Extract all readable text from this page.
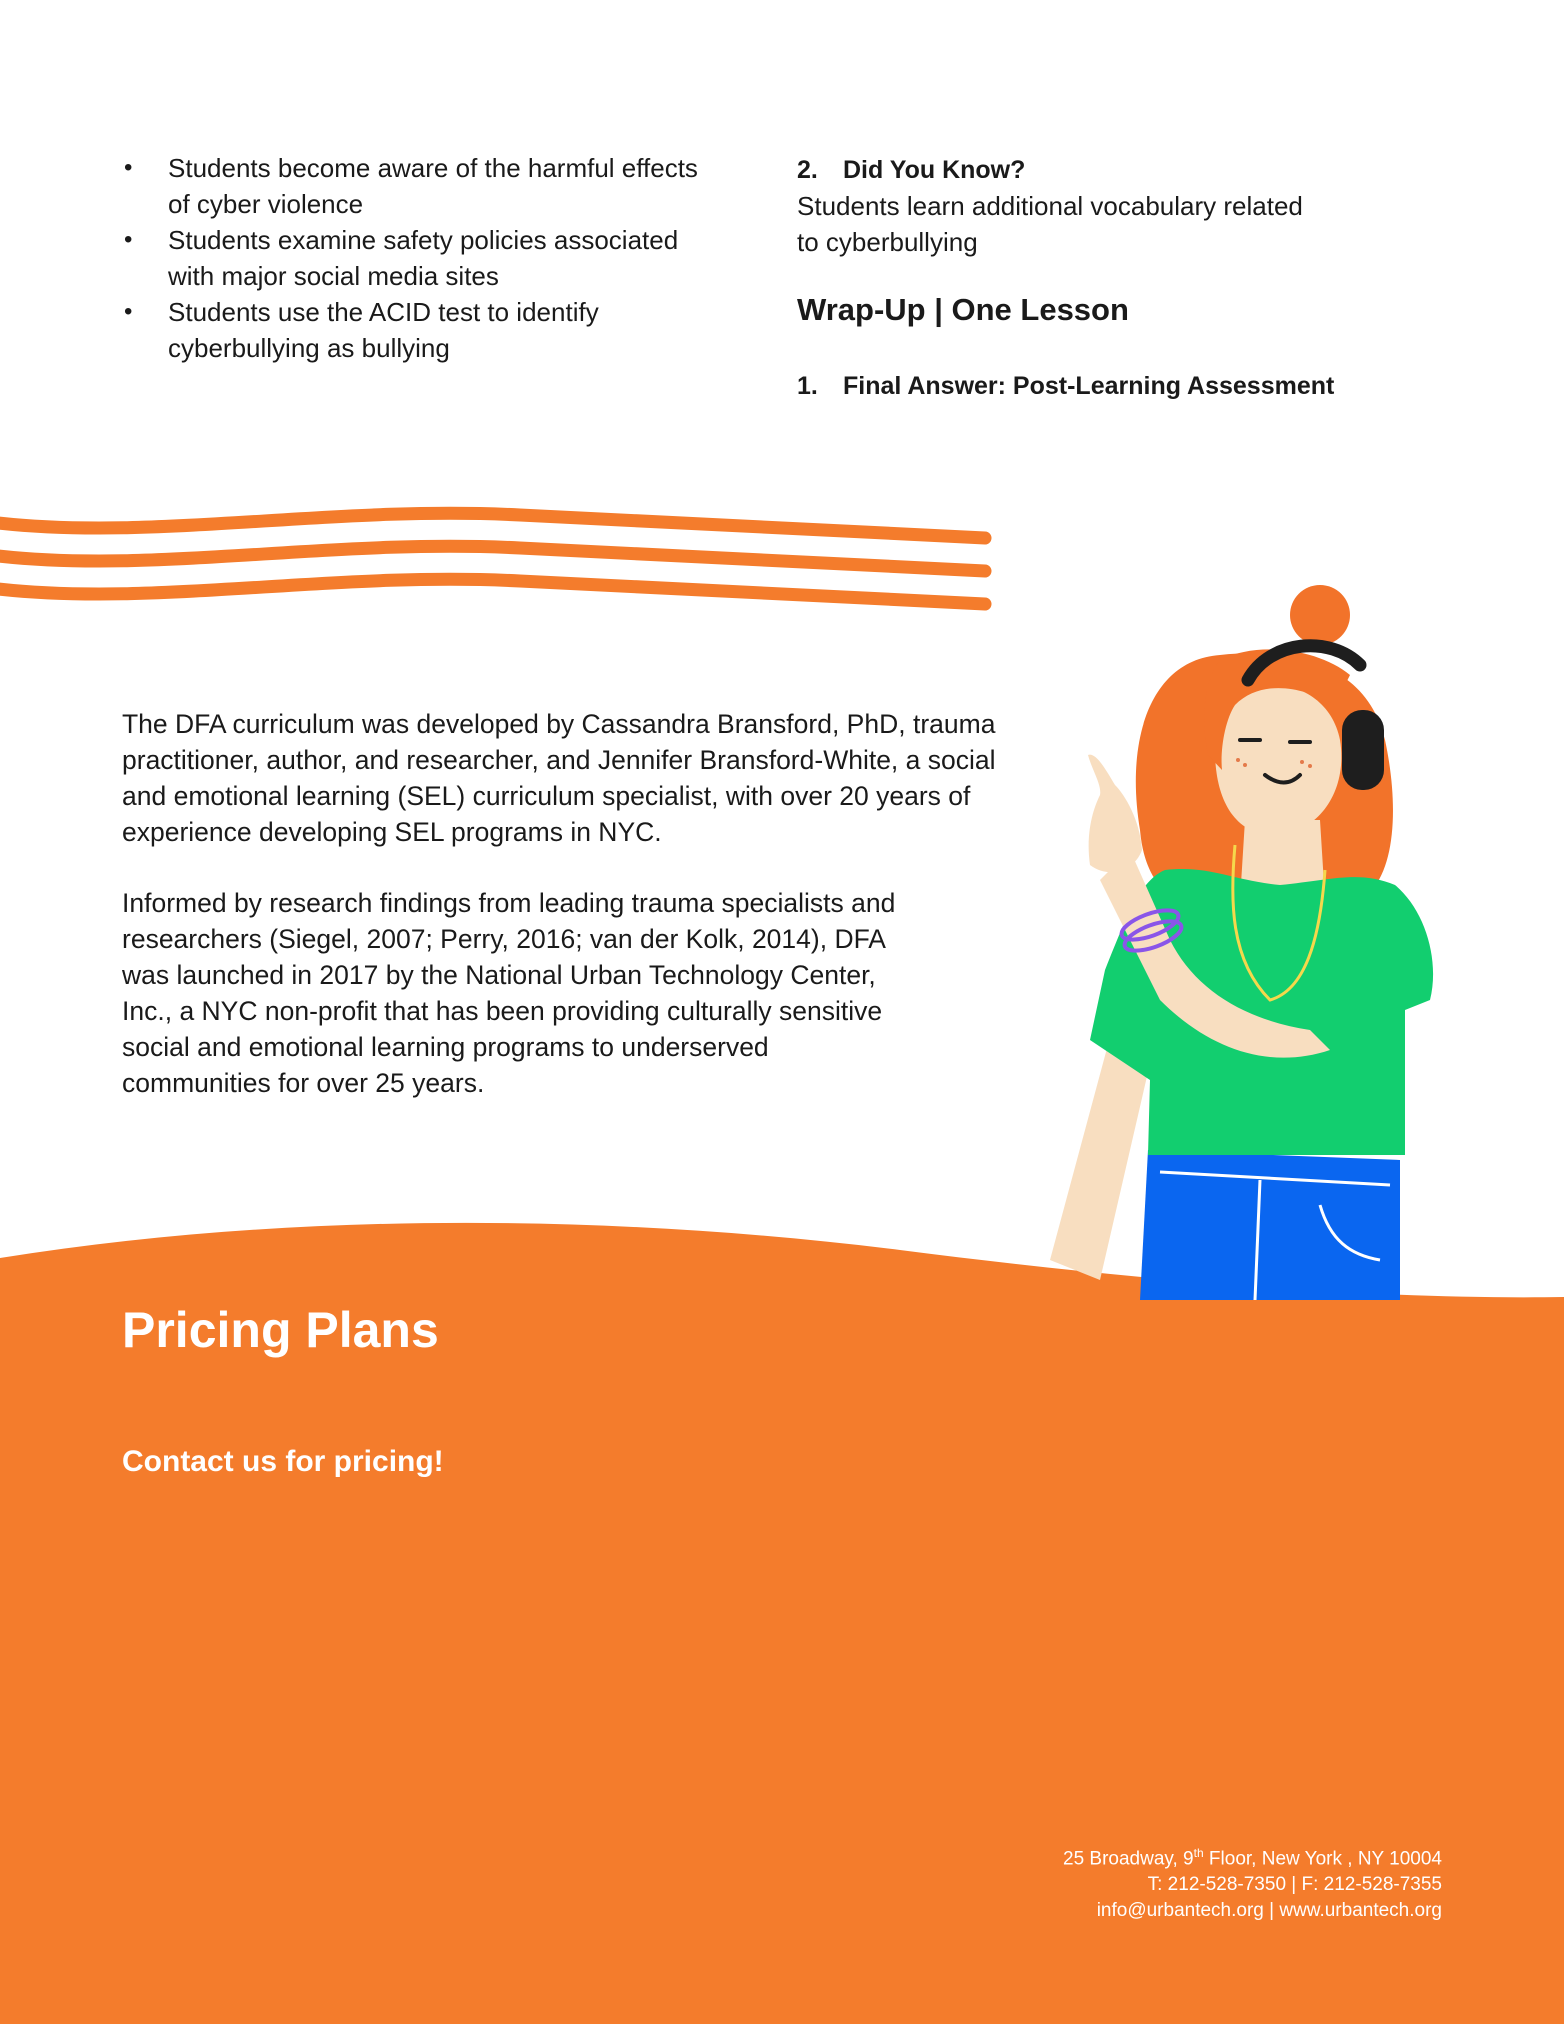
• Students become aware of the harmful effects of cyber violence
• Students examine safety policies associated with major social media sites
• Students use the ACID test to identify cyberbullying as bullying
2. Did You Know?
Students learn additional vocabulary related to cyberbullying
Wrap-Up | One Lesson
1. Final Answer: Post-Learning Assessment

The DFA curriculum was developed by Cassandra Bransford, PhD, trauma practitioner, author, and researcher, and Jennifer Bransford-White, a social and emotional learning (SEL) curriculum specialist, with over 20 years of experience developing SEL programs in NYC.

Informed by research findings from leading trauma specialists and researchers (Siegel, 2007; Perry, 2016; van der Kolk, 2014), DFA was launched in 2017 by the National Urban Technology Center, Inc., a NYC non-profit that has been providing culturally sensitive social and emotional learning programs to underserved communities for over 25 years.

Pricing Plans
Contact us for pricing!
25 Broadway, 9th Floor, New York , NY 10004
T: 212-528-7350 | F: 212-528-7355
info@urbantech.org | www.urbantech.org
